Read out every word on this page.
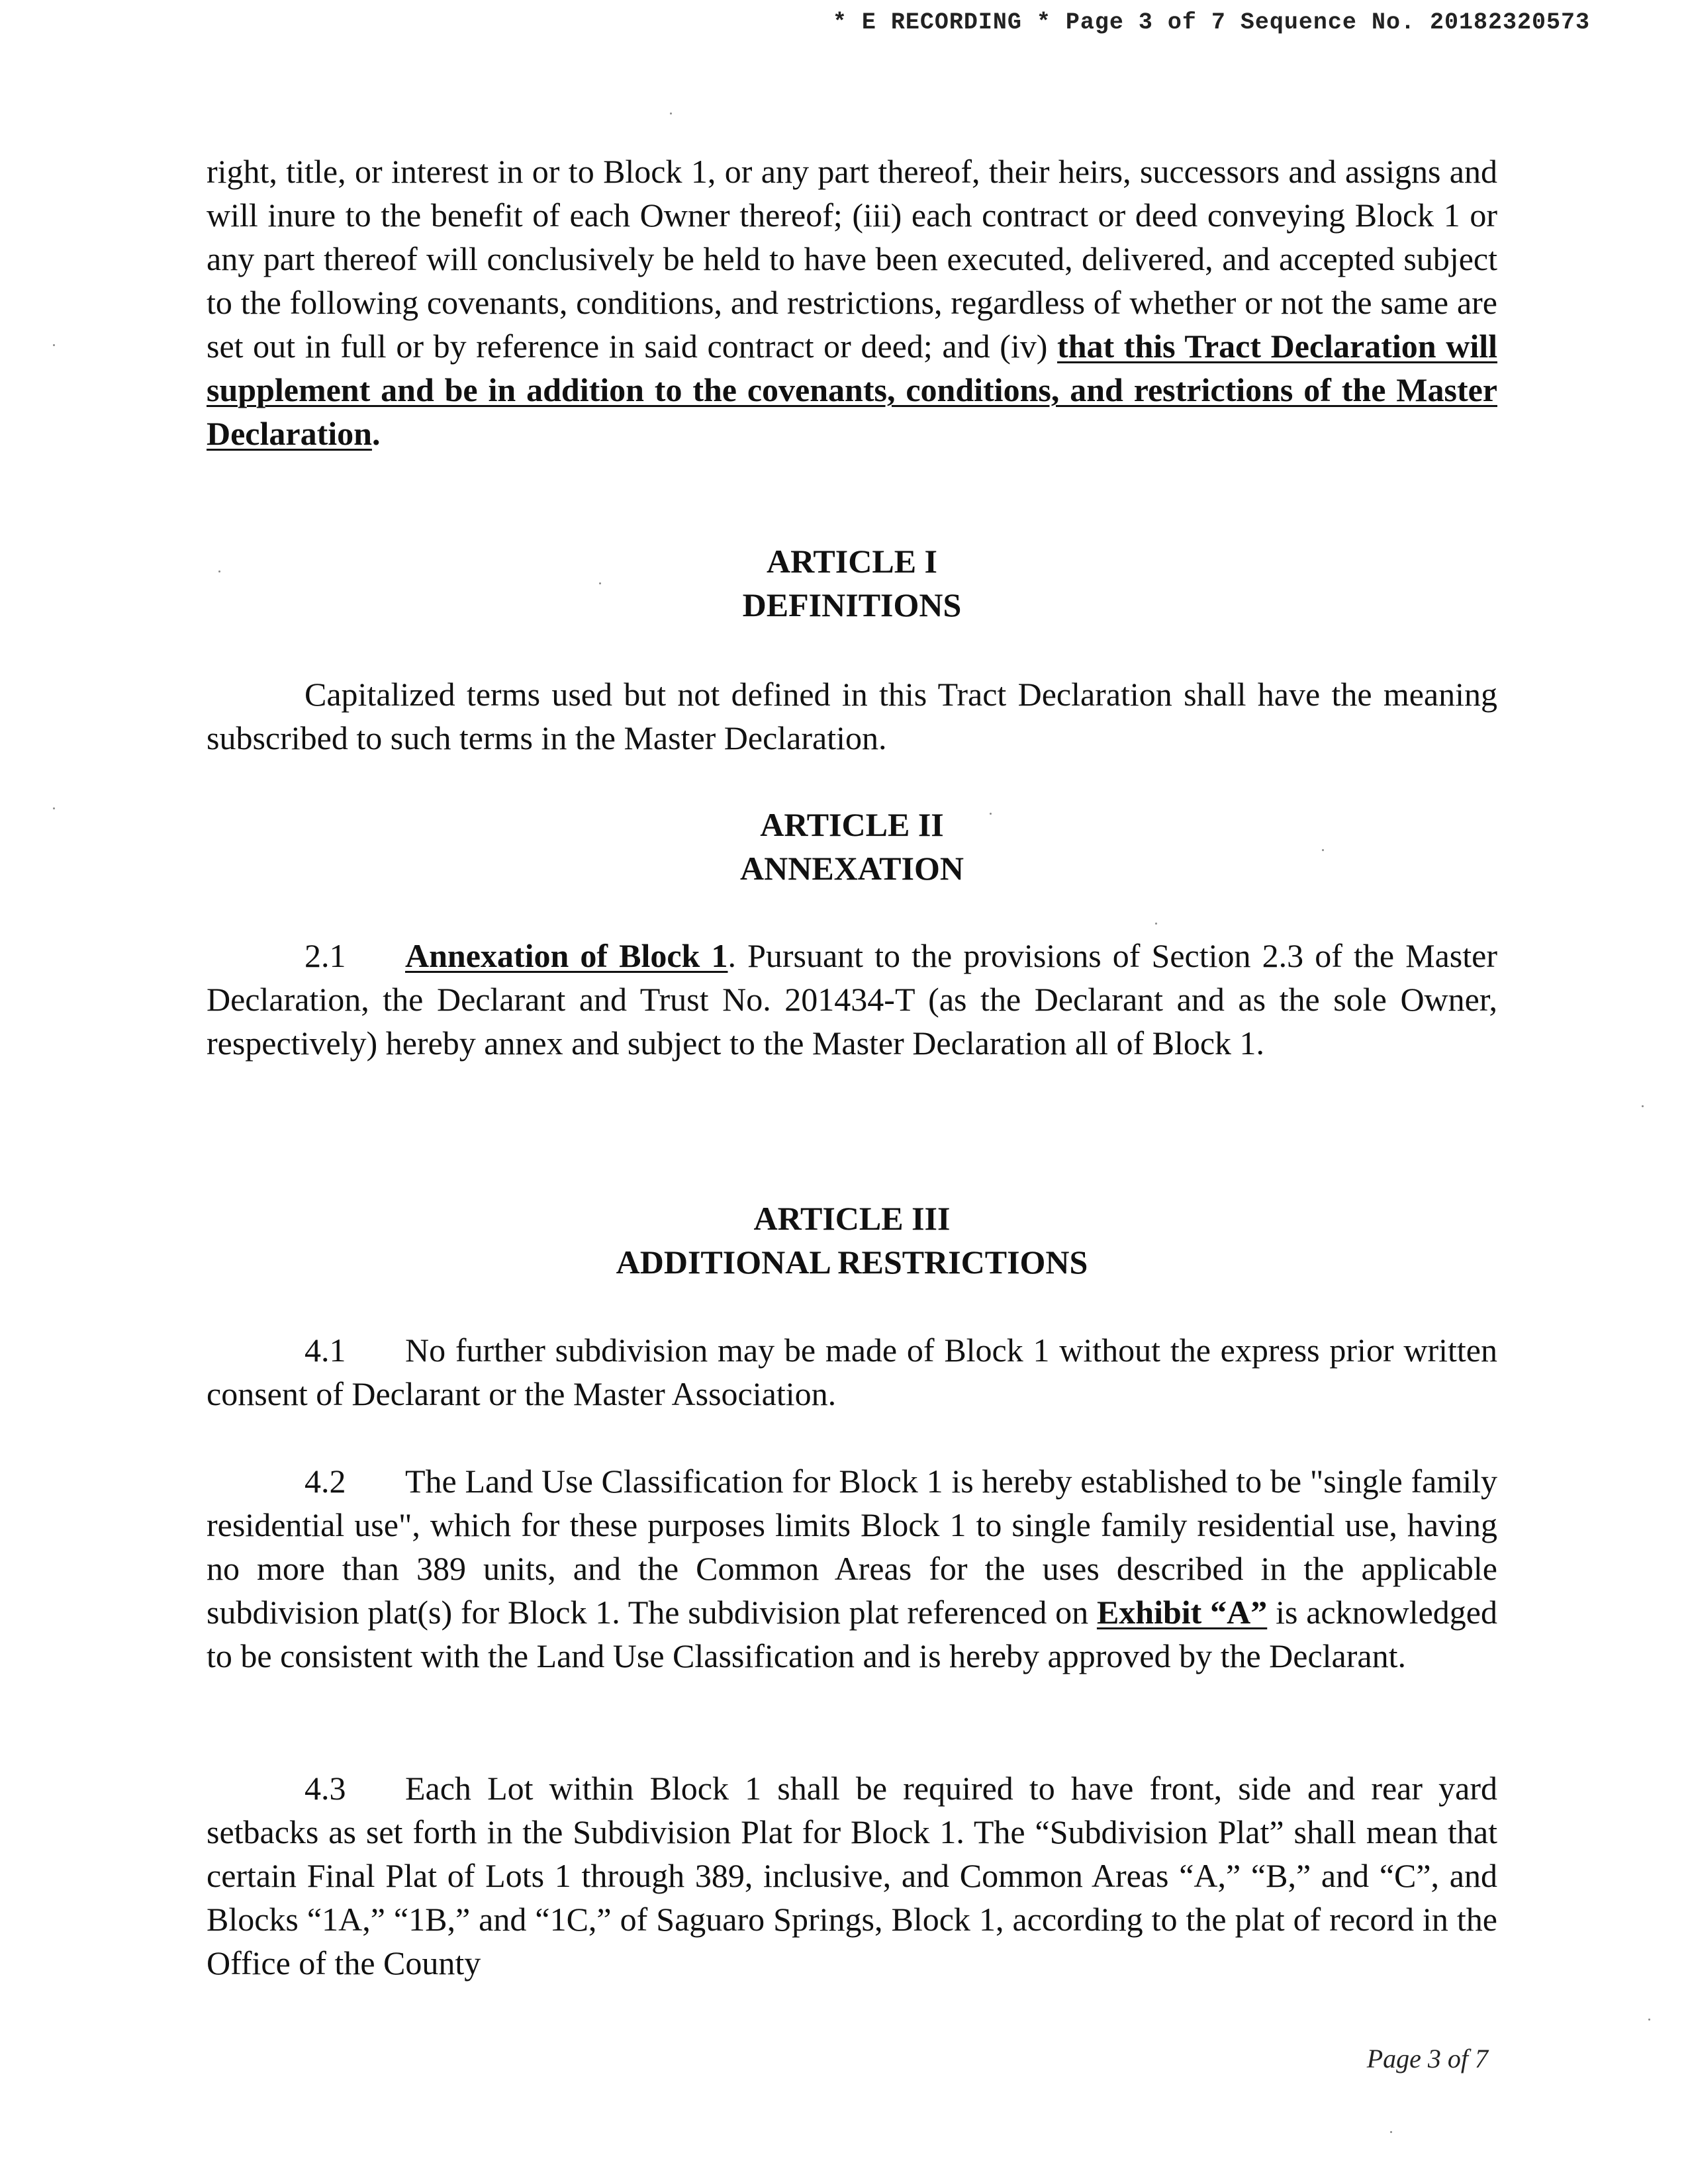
* E RECORDING * Page 3 of 7 Sequence No. 20182320573

right, title, or interest in or to Block 1, or any part thereof, their heirs, successors and assigns and will inure to the benefit of each Owner thereof; (iii) each contract or deed conveying Block 1 or any part thereof will conclusively be held to have been executed, delivered, and accepted subject to the following covenants, conditions, and restrictions, regardless of whether or not the same are set out in full or by reference in said contract or deed; and (iv) that this Tract Declaration will supplement and be in addition to the covenants, conditions, and restrictions of the Master Declaration.

ARTICLE I
DEFINITIONS

Capitalized terms used but not defined in this Tract Declaration shall have the meaning subscribed to such terms in the Master Declaration.

ARTICLE II
ANNEXATION

2.1 Annexation of Block 1. Pursuant to the provisions of Section 2.3 of the Master Declaration, the Declarant and Trust No. 201434-T (as the Declarant and as the sole Owner, respectively) hereby annex and subject to the Master Declaration all of Block 1.

ARTICLE III
ADDITIONAL RESTRICTIONS

4.1 No further subdivision may be made of Block 1 without the express prior written consent of Declarant or the Master Association.

4.2 The Land Use Classification for Block 1 is hereby established to be "single family residential use", which for these purposes limits Block 1 to single family residential use, having no more than 389 units, and the Common Areas for the uses described in the applicable subdivision plat(s) for Block 1. The subdivision plat referenced on Exhibit “A” is acknowledged to be consistent with the Land Use Classification and is hereby approved by the Declarant.

4.3 Each Lot within Block 1 shall be required to have front, side and rear yard setbacks as set forth in the Subdivision Plat for Block 1. The “Subdivision Plat” shall mean that certain Final Plat of Lots 1 through 389, inclusive, and Common Areas “A,” “B,” and “C”, and Blocks “1A,” “1B,” and “1C,” of Saguaro Springs, Block 1, according to the plat of record in the Office of the County

Page 3 of 7
